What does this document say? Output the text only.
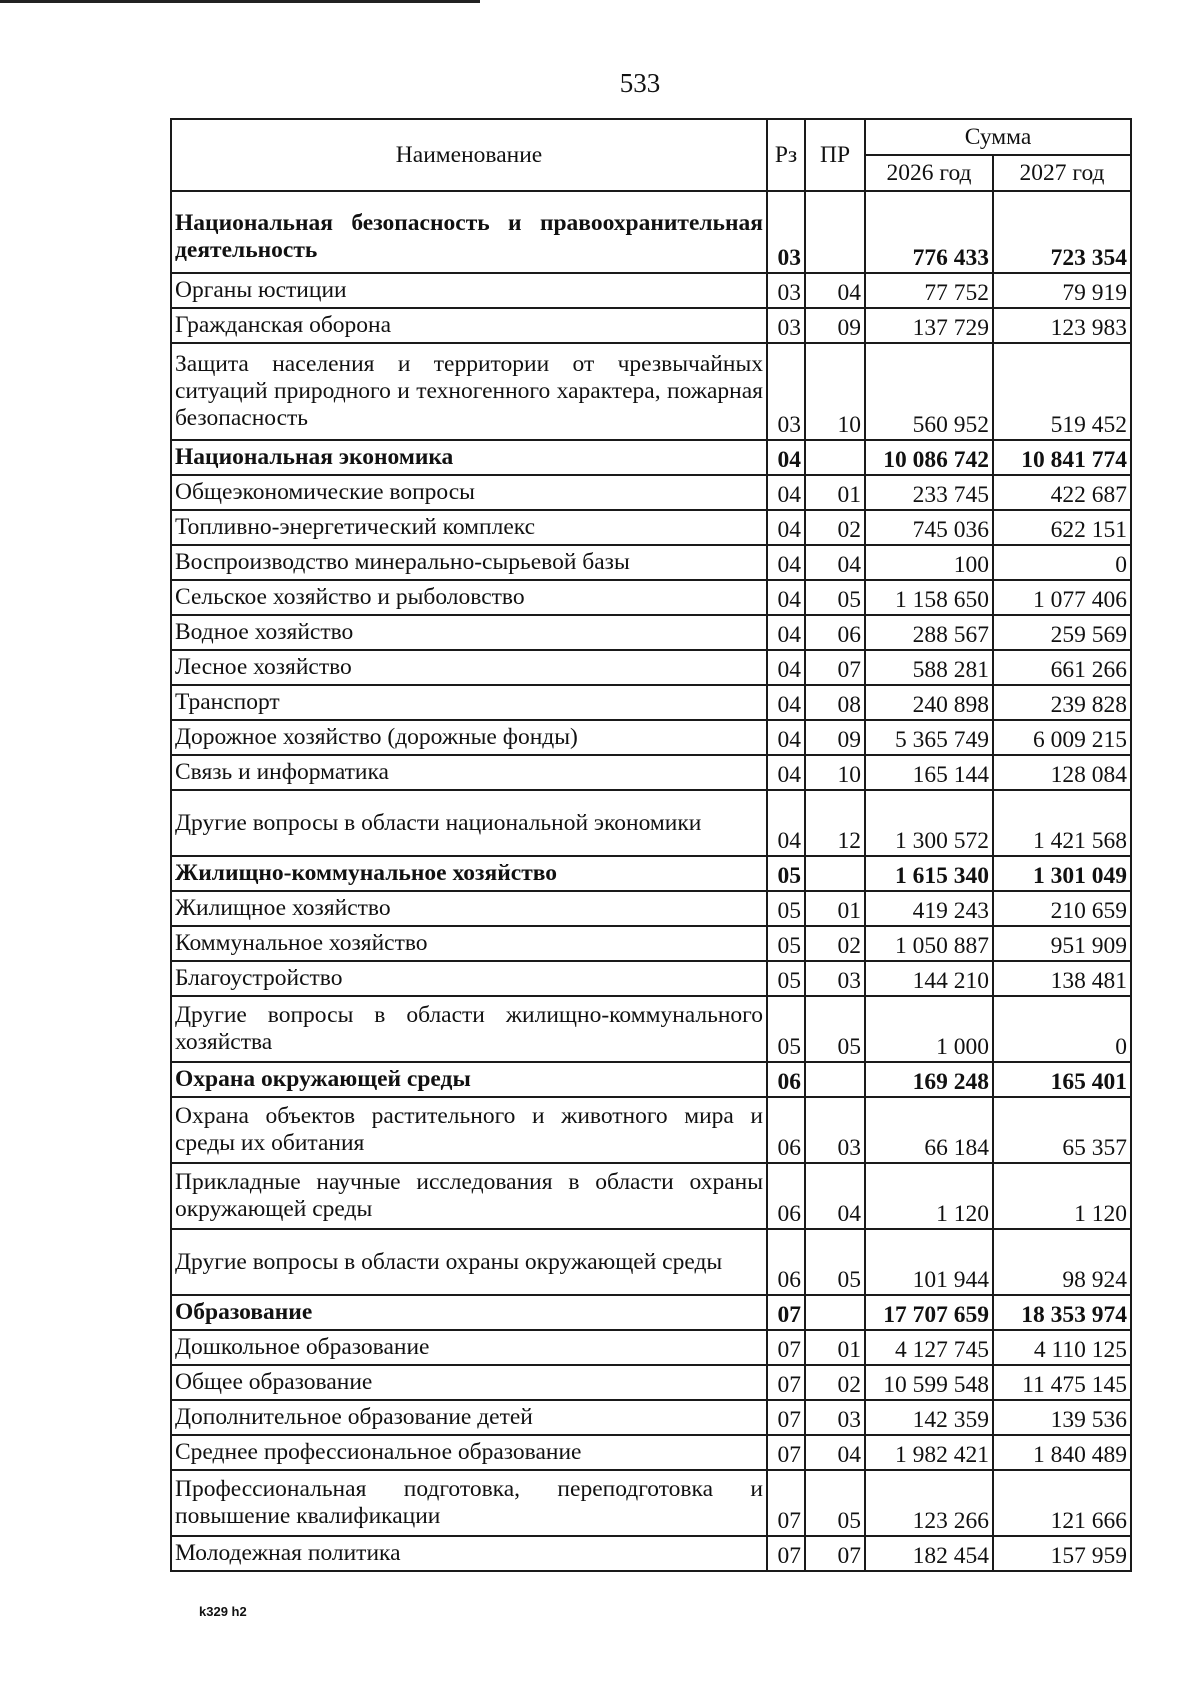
533
Наименование	Рз	ПР	Сумма	
			2026 год	2027 год
Национальная безопасность и правоохранительная деятельность	03		776 433	723 354
Органы юстиции	03	04	77 752	79 919
Гражданская оборона	03	09	137 729	123 983
Защита населения и территории от чрезвычайных ситуаций природного и техногенного характера, пожарная безопасность	03	10	560 952	519 452
Национальная экономика	04		10 086 742	10 841 774
Общеэкономические вопросы	04	01	233 745	422 687
Топливно-энергетический комплекс	04	02	745 036	622 151
Воспроизводство минерально-сырьевой базы	04	04	100	0
Сельское хозяйство и рыболовство	04	05	1 158 650	1 077 406
Водное хозяйство	04	06	288 567	259 569
Лесное хозяйство	04	07	588 281	661 266
Транспорт	04	08	240 898	239 828
Дорожное хозяйство (дорожные фонды)	04	09	5 365 749	6 009 215
Связь и информатика	04	10	165 144	128 084
Другие вопросы в области национальной экономики	04	12	1 300 572	1 421 568
Жилищно-коммунальное хозяйство	05		1 615 340	1 301 049
Жилищное хозяйство	05	01	419 243	210 659
Коммунальное хозяйство	05	02	1 050 887	951 909
Благоустройство	05	03	144 210	138 481
Другие вопросы в области жилищно-коммунального хозяйства	05	05	1 000	0
Охрана окружающей среды	06		169 248	165 401
Охрана объектов растительного и животного мира и среды их обитания	06	03	66 184	65 357
Прикладные научные исследования в области охраны окружающей среды	06	04	1 120	1 120
Другие вопросы в области охраны окружающей среды	06	05	101 944	98 924
Образование	07		17 707 659	18 353 974
Дошкольное образование	07	01	4 127 745	4 110 125
Общее образование	07	02	10 599 548	11 475 145
Дополнительное образование детей	07	03	142 359	139 536
Среднее профессиональное образование	07	04	1 982 421	1 840 489
Профессиональная подготовка, переподготовка и повышение квалификации	07	05	123 266	121 666
Молодежная политика	07	07	182 454	157 959
k329 h2
